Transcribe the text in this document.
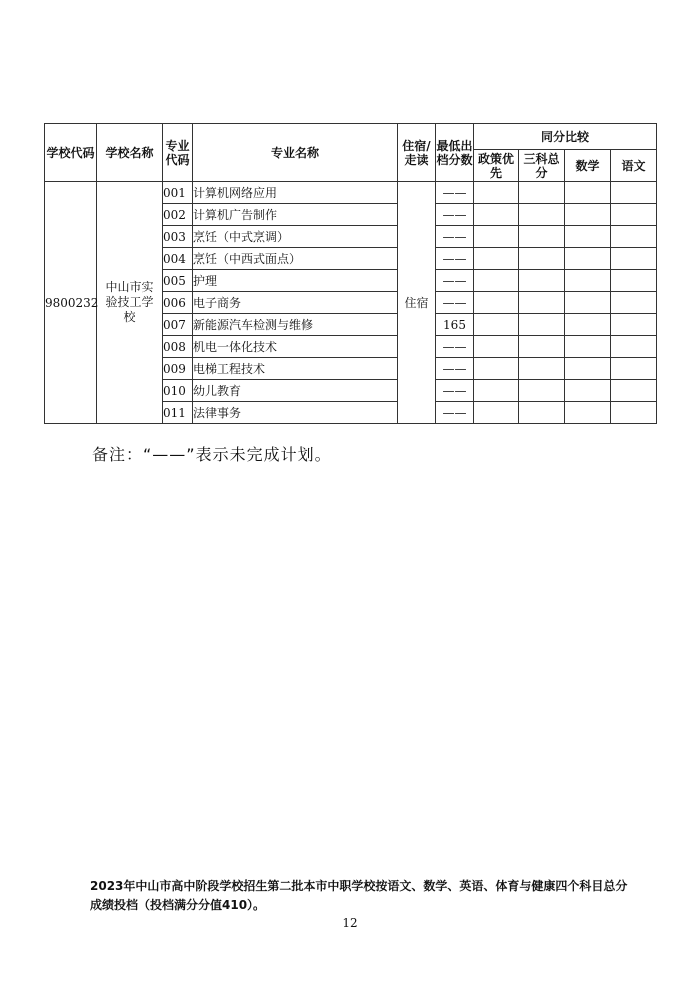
学校代码	学校名称	专业代码	专业名称	住宿/走读	最低出档分数	同分比较			
						政策优先	三科总分	数学	语文
9800232	中山市实验技工学校	001	计算机网络应用	住宿	——				
		002	计算机广告制作		——				
		003	烹饪（中式烹调）		——				
		004	烹饪（中西式面点）		——				
		005	护理		——				
		006	电子商务		——				
		007	新能源汽车检测与维修		165				
		008	机电一体化技术		——				
		009	电梯工程技术		——				
		010	幼儿教育		——				
		011	法律事务		——				
备注：“——”表示未完成计划。
2023年中山市高中阶段学校招生第二批本市中职学校按语文、数学、英语、体育与健康四个科目总分成绩投档（投档满分分值410）。
12
